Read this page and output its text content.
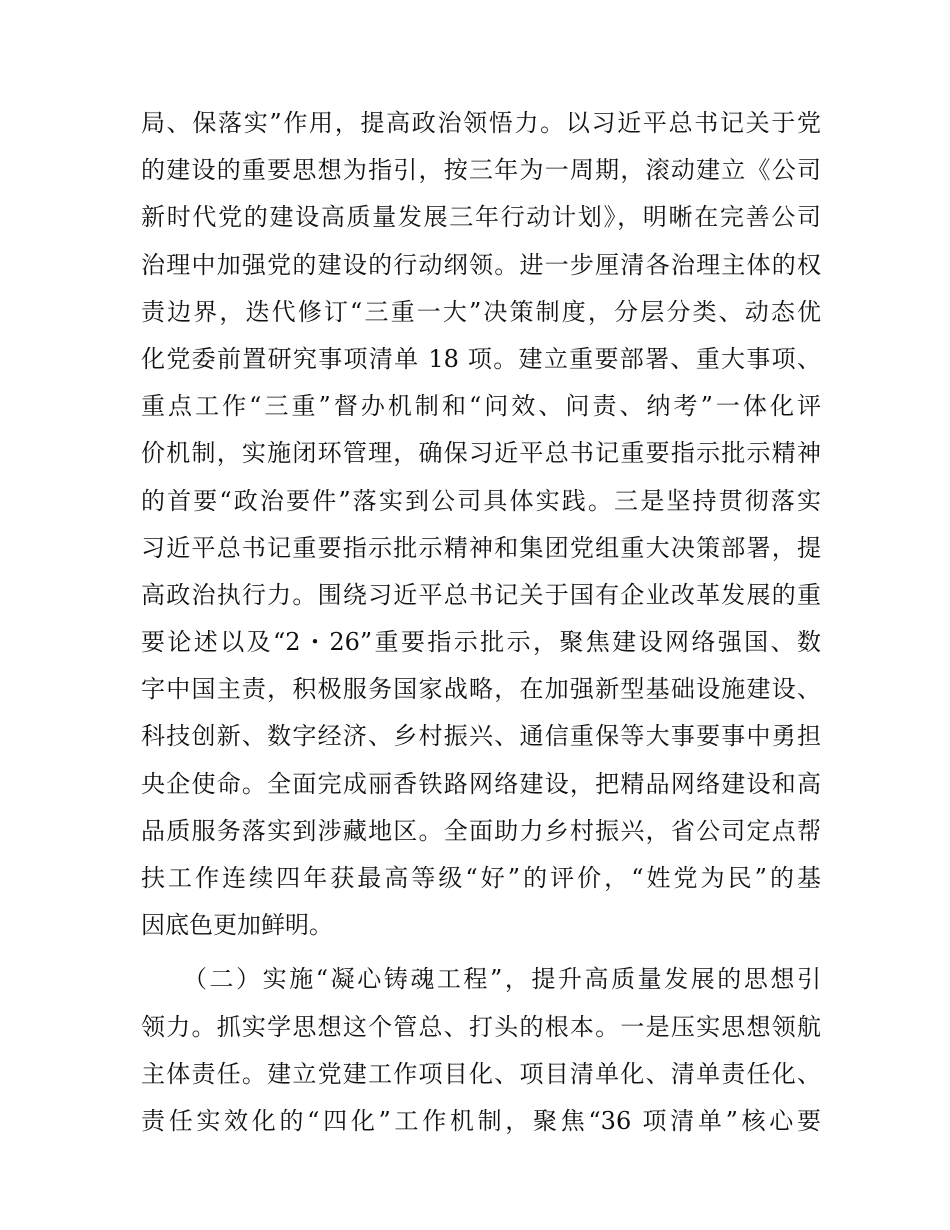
局、保落实”作用，提高政治领悟力。以习近平总书记关于党
的建设的重要思想为指引，按三年为一周期，滚动建立《公司
新时代党的建设高质量发展三年行动计划》，明晰在完善公司
治理中加强党的建设的行动纲领。进一步厘清各治理主体的权
责边界，迭代修订“三重一大”决策制度，分层分类、动态优
化党委前置研究事项清单 18 项。建立重要部署、重大事项、
重点工作“三重”督办机制和“问效、问责、纳考”一体化评
价机制，实施闭环管理，确保习近平总书记重要指示批示精神
的首要“政治要件”落实到公司具体实践。三是坚持贯彻落实
习近平总书记重要指示批示精神和集团党组重大决策部署，提
高政治执行力。围绕习近平总书记关于国有企业改革发展的重
要论述以及“2・26”重要指示批示，聚焦建设网络强国、数
字中国主责，积极服务国家战略，在加强新型基础设施建设、
科技创新、数字经济、乡村振兴、通信重保等大事要事中勇担
央企使命。全面完成丽香铁路网络建设，把精品网络建设和高
品质服务落实到涉藏地区。全面助力乡村振兴，省公司定点帮
扶工作连续四年获最高等级“好”的评价，“姓党为民”的基
因底色更加鲜明。
（二）实施“凝心铸魂工程”，提升高质量发展的思想引
领力。抓实学思想这个管总、打头的根本。一是压实思想领航
主体责任。建立党建工作项目化、项目清单化、清单责任化、
责任实效化的“四化”工作机制，聚焦“36 项清单”核心要
